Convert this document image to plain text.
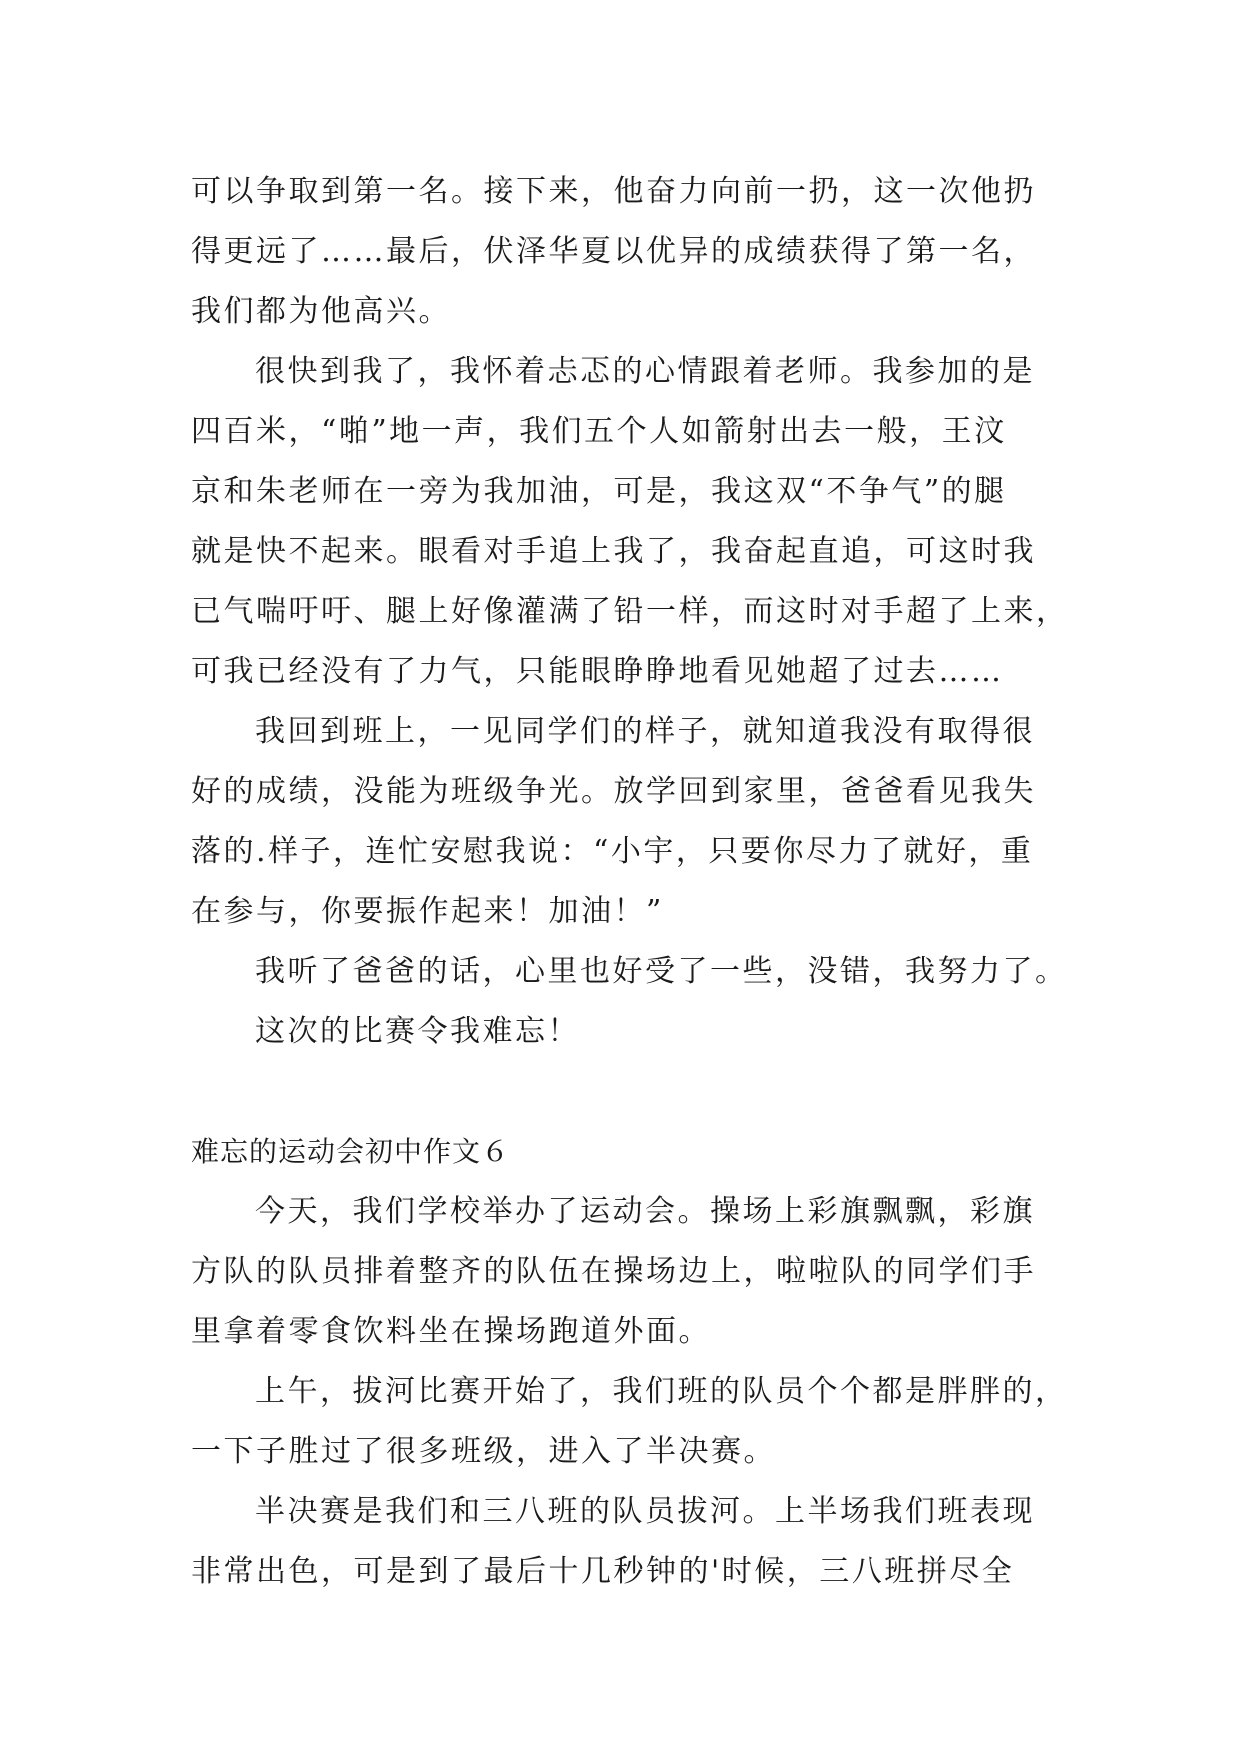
可以争取到第一名。接下来，他奋力向前一扔，这一次他扔
得更远了……最后，伏泽华夏以优异的成绩获得了第一名，
我们都为他高兴。
很快到我了，我怀着忐忑的心情跟着老师。我参加的是
四百米，“啪”地一声，我们五个人如箭射出去一般，王汶
京和朱老师在一旁为我加油，可是，我这双“不争气”的腿
就是快不起来。眼看对手追上我了，我奋起直追，可这时我
已气喘吁吁、腿上好像灌满了铅一样，而这时对手超了上来，
可我已经没有了力气，只能眼睁睁地看见她超了过去……
我回到班上，一见同学们的样子，就知道我没有取得很
好的成绩，没能为班级争光。放学回到家里，爸爸看见我失
落的.样子，连忙安慰我说：“小宇，只要你尽力了就好，重
在参与，你要振作起来！加油！”
我听了爸爸的话，心里也好受了一些，没错，我努力了。
这次的比赛令我难忘！
难忘的运动会初中作文６
今天，我们学校举办了运动会。操场上彩旗飘飘，彩旗
方队的队员排着整齐的队伍在操场边上，啦啦队的同学们手
里拿着零食饮料坐在操场跑道外面。
上午，拔河比赛开始了，我们班的队员个个都是胖胖的，
一下子胜过了很多班级，进入了半决赛。
半决赛是我们和三八班的队员拔河。上半场我们班表现
非常出色，可是到了最后十几秒钟的'时候，三八班拼尽全
